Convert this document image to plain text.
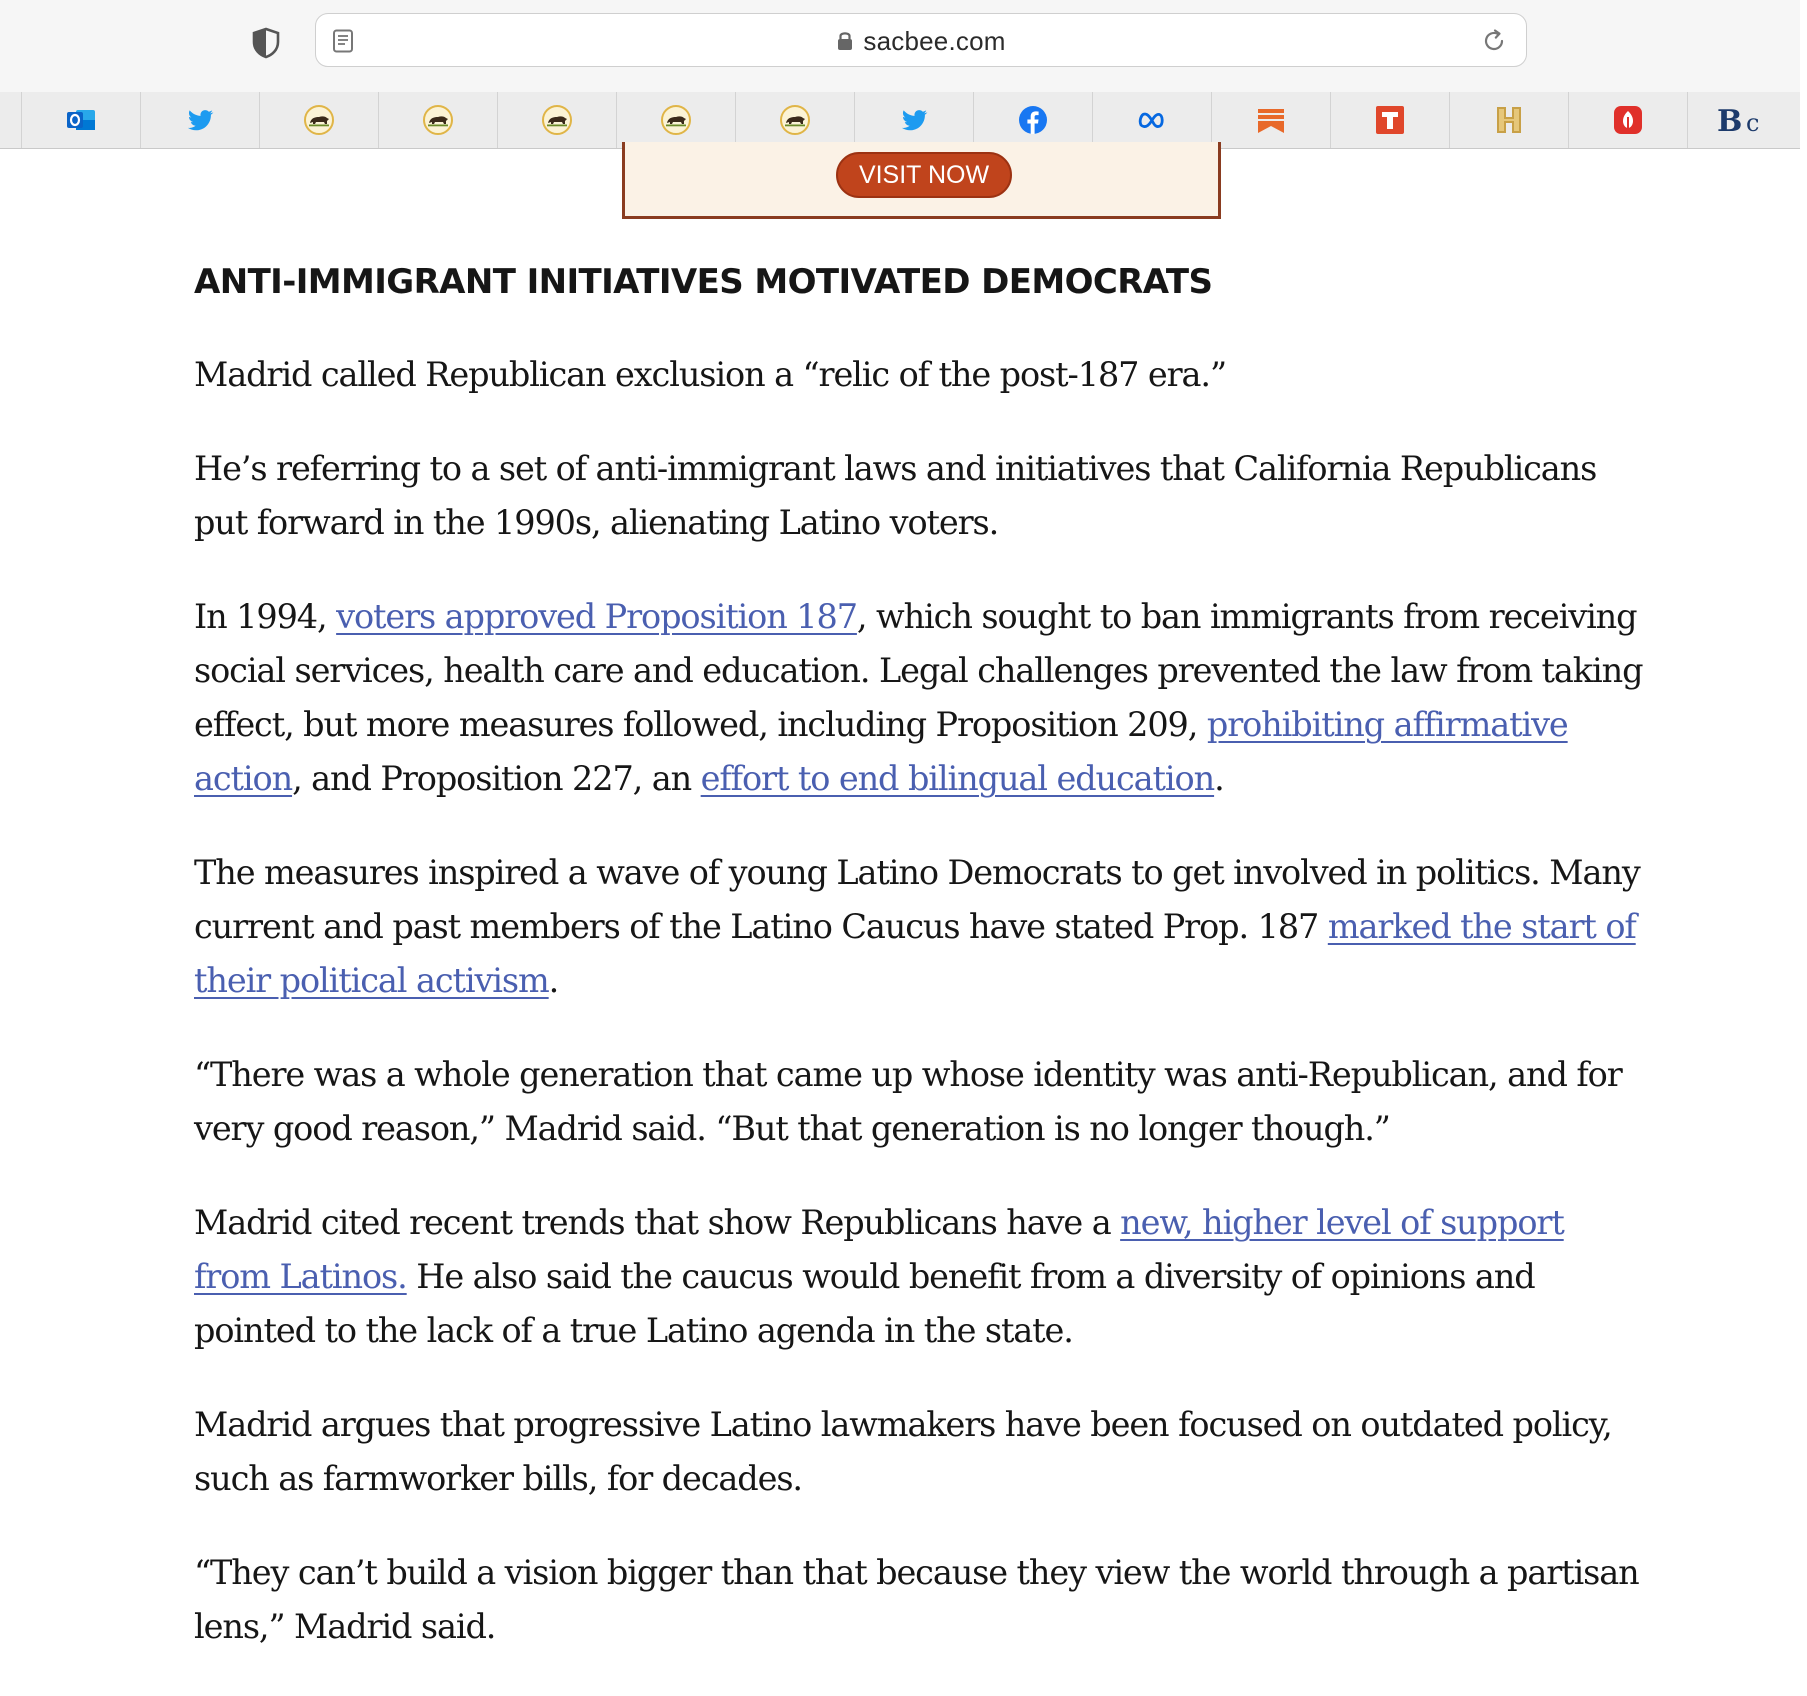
sacbee.com
B c
VISIT NOW
ANTI-IMMIGRANT INITIATIVES MOTIVATED DEMOCRATS

Madrid called Republican exclusion a “relic of the post-187 era.”

He’s referring to a set of anti-immigrant laws and initiatives that California Republicans put forward in the 1990s, alienating Latino voters.

In 1994, voters approved Proposition 187, which sought to ban immigrants from receiving social services, health care and education. Legal challenges prevented the law from taking effect, but more measures followed, including Proposition 209, prohibiting affirmative action, and Proposition 227, an effort to end bilingual education.

The measures inspired a wave of young Latino Democrats to get involved in politics. Many current and past members of the Latino Caucus have stated Prop. 187 marked the start of their political activism.

“There was a whole generation that came up whose identity was anti-Republican, and for very good reason,” Madrid said. “But that generation is no longer though.”

Madrid cited recent trends that show Republicans have a new, higher level of support from Latinos. He also said the caucus would benefit from a diversity of opinions and pointed to the lack of a true Latino agenda in the state.

Madrid argues that progressive Latino lawmakers have been focused on outdated policy, such as farmworker bills, for decades.

“They can’t build a vision bigger than that because they view the world through a partisan lens,” Madrid said.
